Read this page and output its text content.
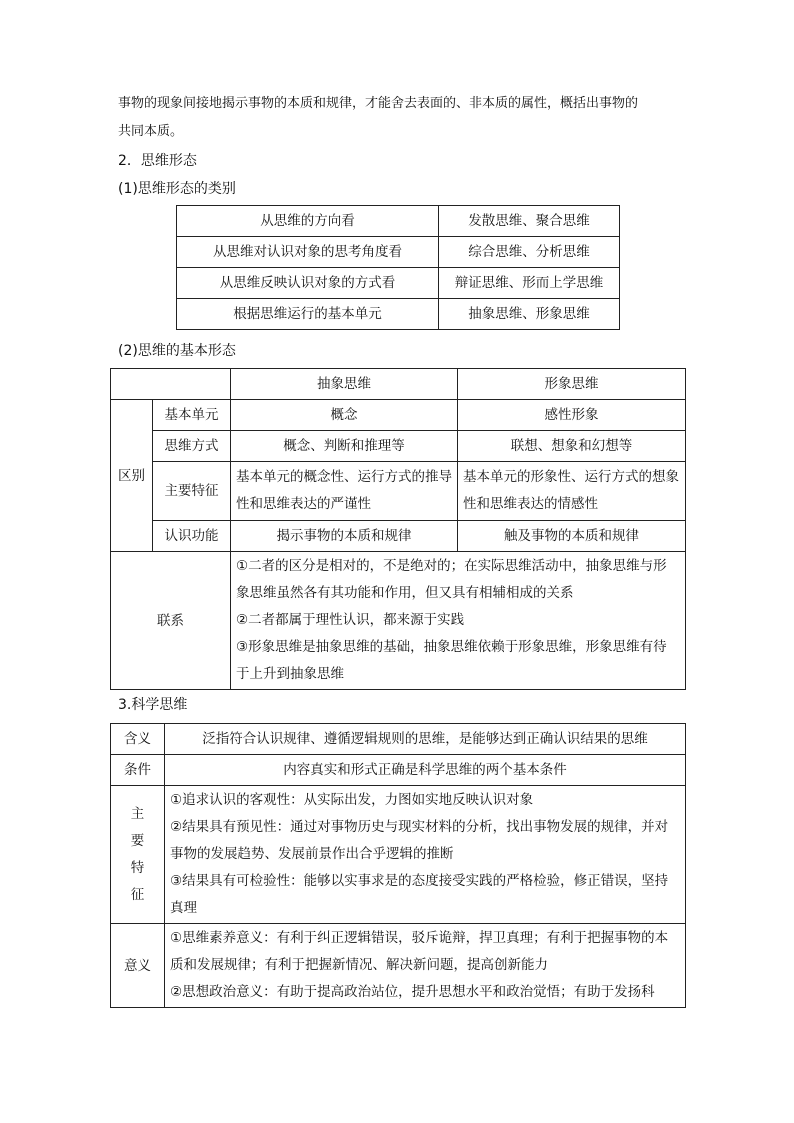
事物的现象间接地揭示事物的本质和规律，才能舍去表面的、非本质的属性，概括出事物的
共同本质。
2．思维形态
(1)思维形态的类别
从思维的方向看	发散思维、聚合思维
从思维对认识对象的思考角度看	综合思维、分析思维
从思维反映认识对象的方式看	辩证思维、形而上学思维
根据思维运行的基本单元	抽象思维、形象思维
(2)思维的基本形态
		抽象思维	形象思维
区别	基本单元	概念	感性形象
	思维方式	概念、判断和推理等	联想、想象和幻想等
	主要特征	基本单元的概念性、运行方式的推导性和思维表达的严谨性	基本单元的形象性、运行方式的想象性和思维表达的情感性
	认识功能	揭示事物的本质和规律	触及事物的本质和规律
联系		①二者的区分是相对的，不是绝对的；在实际思维活动中，抽象思维与形象思维虽然各有其功能和作用，但又具有相辅相成的关系
②二者都属于理性认识，都来源于实践
③形象思维是抽象思维的基础，抽象思维依赖于形象思维，形象思维有待于上升到抽象思维	
3.科学思维
含义	泛指符合认识规律、遵循逻辑规则的思维，是能够达到正确认识结果的思维
条件	内容真实和形式正确是科学思维的两个基本条件
主要特征	①追求认识的客观性：从实际出发，力图如实地反映认识对象
②结果具有预见性：通过对事物历史与现实材料的分析，找出事物发展的规律，并对事物的发展趋势、发展前景作出合乎逻辑的推断
③结果具有可检验性：能够以实事求是的态度接受实践的严格检验，修正错误，坚持真理

意义	①思维素养意义：有利于纠正逻辑错误，驳斥诡辩，捍卫真理；有利于把握事物的本质和发展规律；有利于把握新情况、解决新问题，提高创新能力
②思想政治意义：有助于提高政治站位，提升思想水平和政治觉悟；有助于发扬科
